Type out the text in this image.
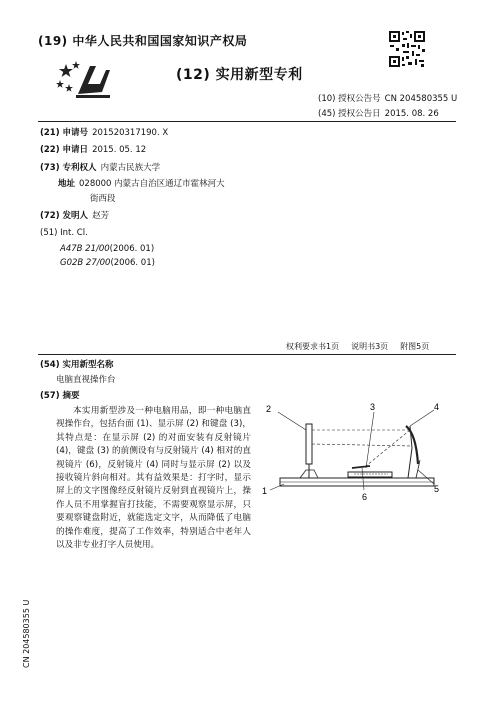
(19) 中华人民共和国国家知识产权局
(12) 实用新型专利
(10) 授权公告号 CN 204580355 U
(45) 授权公告日 2015. 08. 26
(21) 申请号 201520317190. X
(22) 申请日 2015. 05. 12
(73) 专利权人 内蒙古民族大学
地址 028000 内蒙古自治区通辽市霍林河大
街西段
(72) 发明人 赵芳
(51) Int. Cl.
A47B 21/00(2006. 01)
G02B 27/00(2006. 01)
权利要求书1页 说明书3页 附图5页
(54) 实用新型名称
电脑直视操作台
(57) 摘要
本实用新型涉及一种电脑用品，即一种电脑直视操作台，包括台面 (1)、显示屏 (2) 和键盘 (3)，其特点是：在显示屏 (2) 的对面安装有反射镜片 (4)，键盘 (3) 的前侧设有与反射镜片 (4) 相对的直视镜片 (6)，反射镜片 (4) 同时与显示屏 (2) 以及接收镜片斜向相对。其有益效果是：打字时，显示屏上的文字图像经反射镜片反射到直视镜片上，操作人员不用掌握盲打技能，不需要观察显示屏，只要观察键盘附近，就能选定文字，从而降低了电脑的操作难度，提高了工作效率，特别适合中老年人以及非专业打字人员使用。
2	3	4
1
6
5
CN 204580355 U
